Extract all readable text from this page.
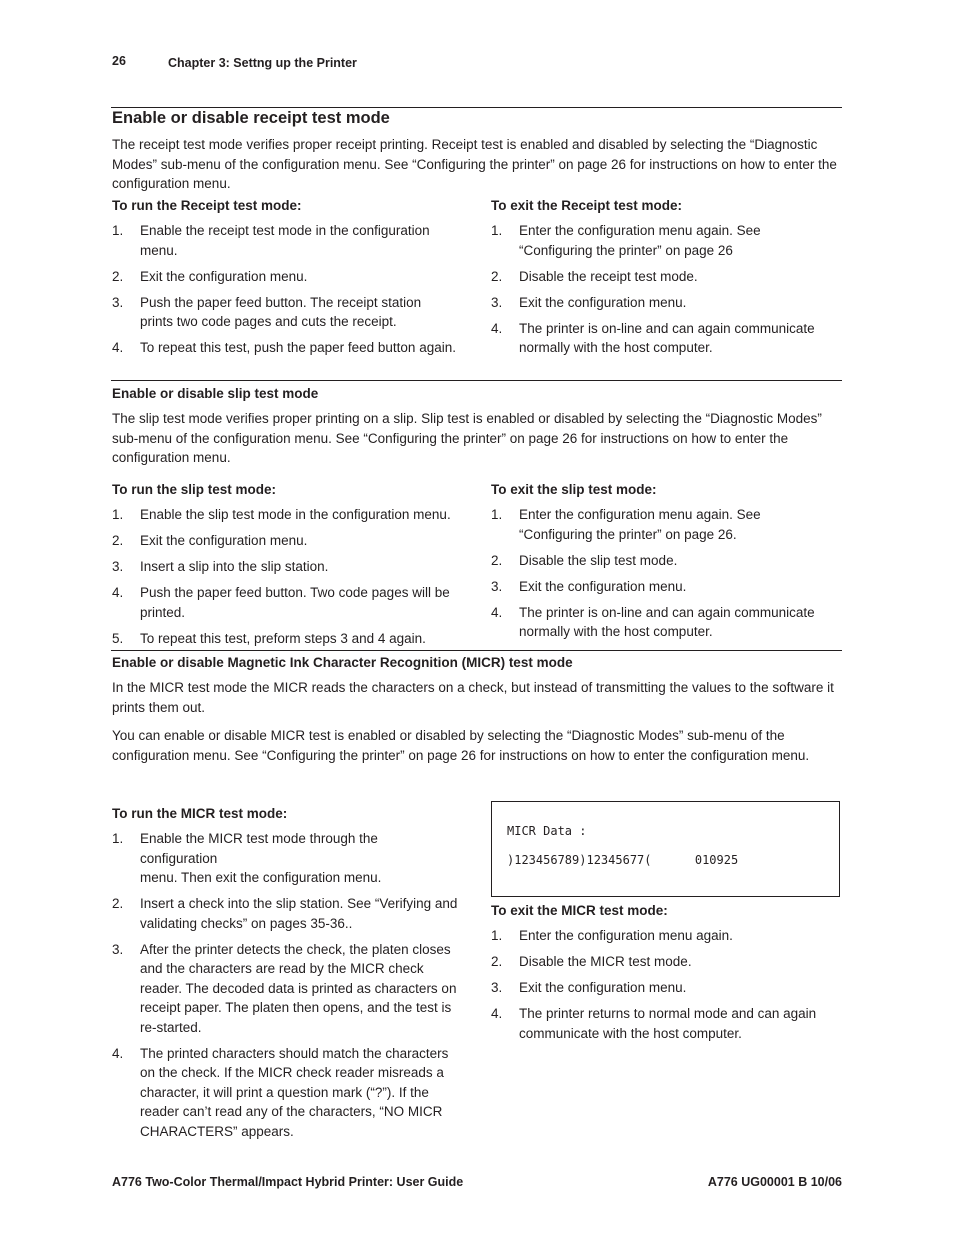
26	Chapter 3: Settng up the Printer
Enable or disable receipt test mode

The receipt test mode verifies proper receipt printing. Receipt test is enabled and disabled by selecting the “Diagnostic Modes” sub-menu of the configuration menu. See “Configuring the printer” on page 26 for instructions on how to enter the configuration menu.

To run the Receipt test mode:
1. Enable the receipt test mode in the configuration menu.
2. Exit the configuration menu.
3. Push the paper feed button. The receipt station prints two code pages and cuts the receipt.
4. To repeat this test, push the paper feed button again.
To exit the Receipt test mode:
1. Enter the configuration menu again. See “Configuring the printer” on page 26
2. Disable the receipt test mode.
3. Exit the configuration menu.
4. The printer is on-line and can again communicate normally with the host computer.
Enable or disable slip test mode

The slip test mode verifies proper printing on a slip. Slip test is enabled or disabled by selecting the “Diagnostic Modes” sub-menu of the configuration menu. See “Configuring the printer” on page 26 for instructions on how to enter the configuration menu.

To run the slip test mode:
1. Enable the slip test mode in the configuration menu.
2. Exit the configuration menu.
3. Insert a slip into the slip station.
4. Push the paper feed button. Two code pages will be printed.
5. To repeat this test, preform steps 3 and 4 again.
To exit the slip test mode:
1. Enter the configuration menu again. See “Configuring the printer” on page 26.
2. Disable the slip test mode.
3. Exit the configuration menu.
4. The printer is on-line and can again communicate normally with the host computer.
Enable or disable Magnetic Ink Character Recognition (MICR) test mode

In the MICR test mode the MICR reads the characters on a check, but instead of transmitting the values to the software it prints them out.

You can enable or disable MICR test is enabled or disabled by selecting the “Diagnostic Modes” sub-menu of the configuration menu. See “Configuring the printer” on page 26 for instructions on how to enter the configuration menu.

To run the MICR test mode:
1. Enable the MICR test mode through the configuration
menu. Then exit the configuration menu.
2. Insert a check into the slip station. See “Verifying and validating checks” on pages 35-36..
3. After the printer detects the check, the platen closes and the characters are read by the MICR check reader. The decoded data is printed as characters on receipt paper. The platen then opens, and the test is re-started.
4. The printed characters should match the characters on the check. If the MICR check reader misreads a character, it will print a question mark (“?”). If the reader can’t read any of the characters, “NO MICR CHARACTERS” appears.
MICR Data :
)123456789)12345677(      010925
To exit the MICR test mode:
1. Enter the configuration menu again.
2. Disable the MICR test mode.
3. Exit the configuration menu.
4. The printer returns to normal mode and can again communicate with the host computer.
A776 Two-Color Thermal/Impact Hybrid Printer: User Guide	A776 UG00001 B 10/06
